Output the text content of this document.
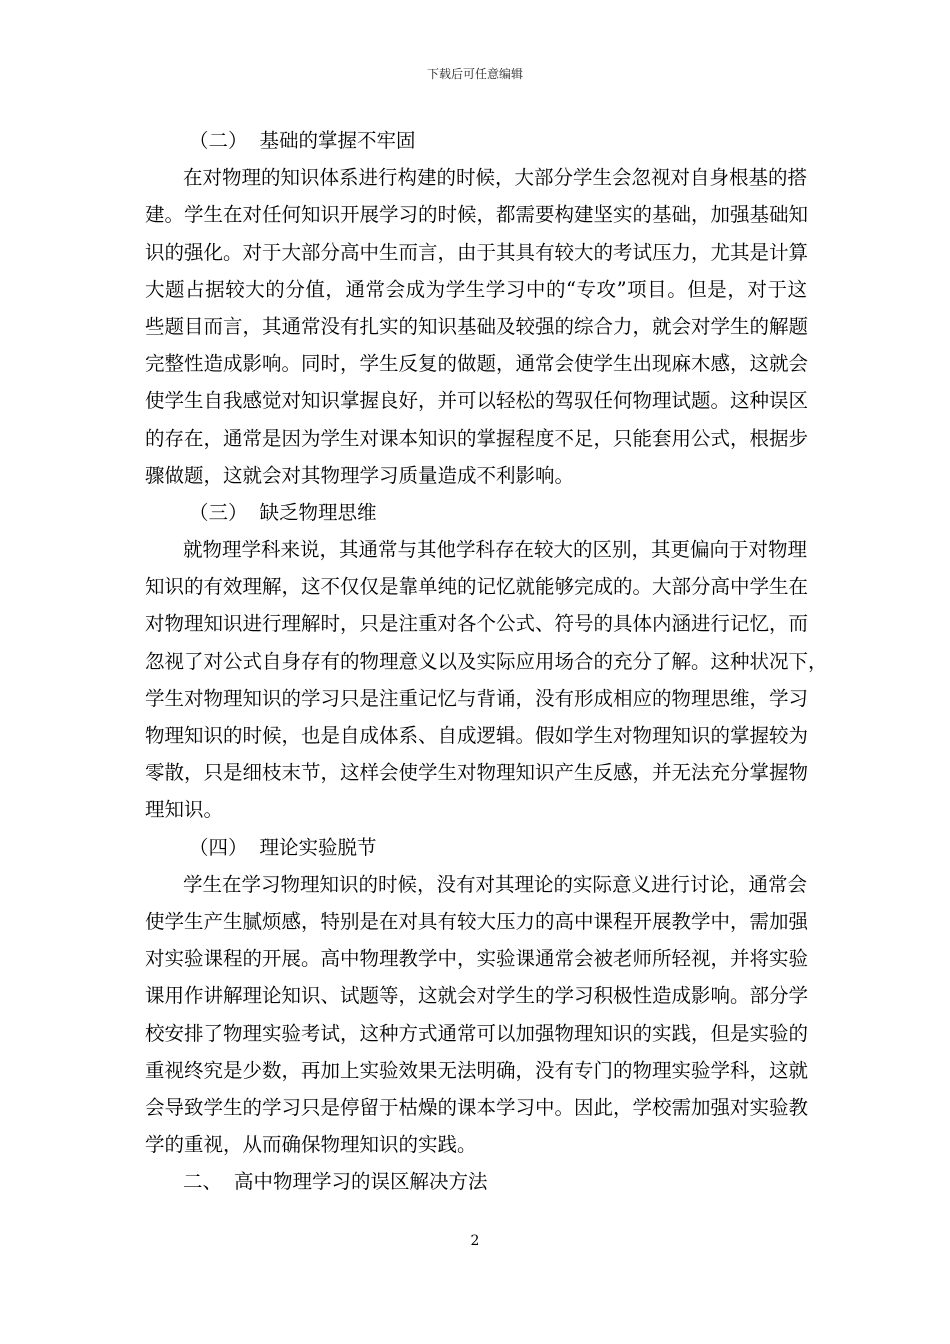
下载后可任意编辑
（二） 基础的掌握不牢固
在对物理的知识体系进行构建的时候，大部分学生会忽视对自身根基的搭
建。学生在对任何知识开展学习的时候，都需要构建坚实的基础，加强基础知
识的强化。对于大部分高中生而言，由于其具有较大的考试压力，尤其是计算
大题占据较大的分值，通常会成为学生学习中的“专攻”项目。但是，对于这
些题目而言，其通常没有扎实的知识基础及较强的综合力，就会对学生的解题
完整性造成影响。同时，学生反复的做题，通常会使学生出现麻木感，这就会
使学生自我感觉对知识掌握良好，并可以轻松的驾驭任何物理试题。这种误区
的存在，通常是因为学生对课本知识的掌握程度不足，只能套用公式，根据步
骤做题，这就会对其物理学习质量造成不利影响。
（三） 缺乏物理思维
就物理学科来说，其通常与其他学科存在较大的区别，其更偏向于对物理
知识的有效理解，这不仅仅是靠单纯的记忆就能够完成的。大部分高中学生在
对物理知识进行理解时，只是注重对各个公式、符号的具体内涵进行记忆，而
忽视了对公式自身存有的物理意义以及实际应用场合的充分了解。这种状况下，
学生对物理知识的学习只是注重记忆与背诵，没有形成相应的物理思维，学习
物理知识的时候，也是自成体系、自成逻辑。假如学生对物理知识的掌握较为
零散，只是细枝末节，这样会使学生对物理知识产生反感，并无法充分掌握物
理知识。
（四） 理论实验脱节
学生在学习物理知识的时候，没有对其理论的实际意义进行讨论，通常会
使学生产生腻烦感，特别是在对具有较大压力的高中课程开展教学中，需加强
对实验课程的开展。高中物理教学中，实验课通常会被老师所轻视，并将实验
课用作讲解理论知识、试题等，这就会对学生的学习积极性造成影响。部分学
校安排了物理实验考试，这种方式通常可以加强物理知识的实践，但是实验的
重视终究是少数，再加上实验效果无法明确，没有专门的物理实验学科，这就
会导致学生的学习只是停留于枯燥的课本学习中。因此，学校需加强对实验教
学的重视，从而确保物理知识的实践。
二、 高中物理学习的误区解决方法
2
